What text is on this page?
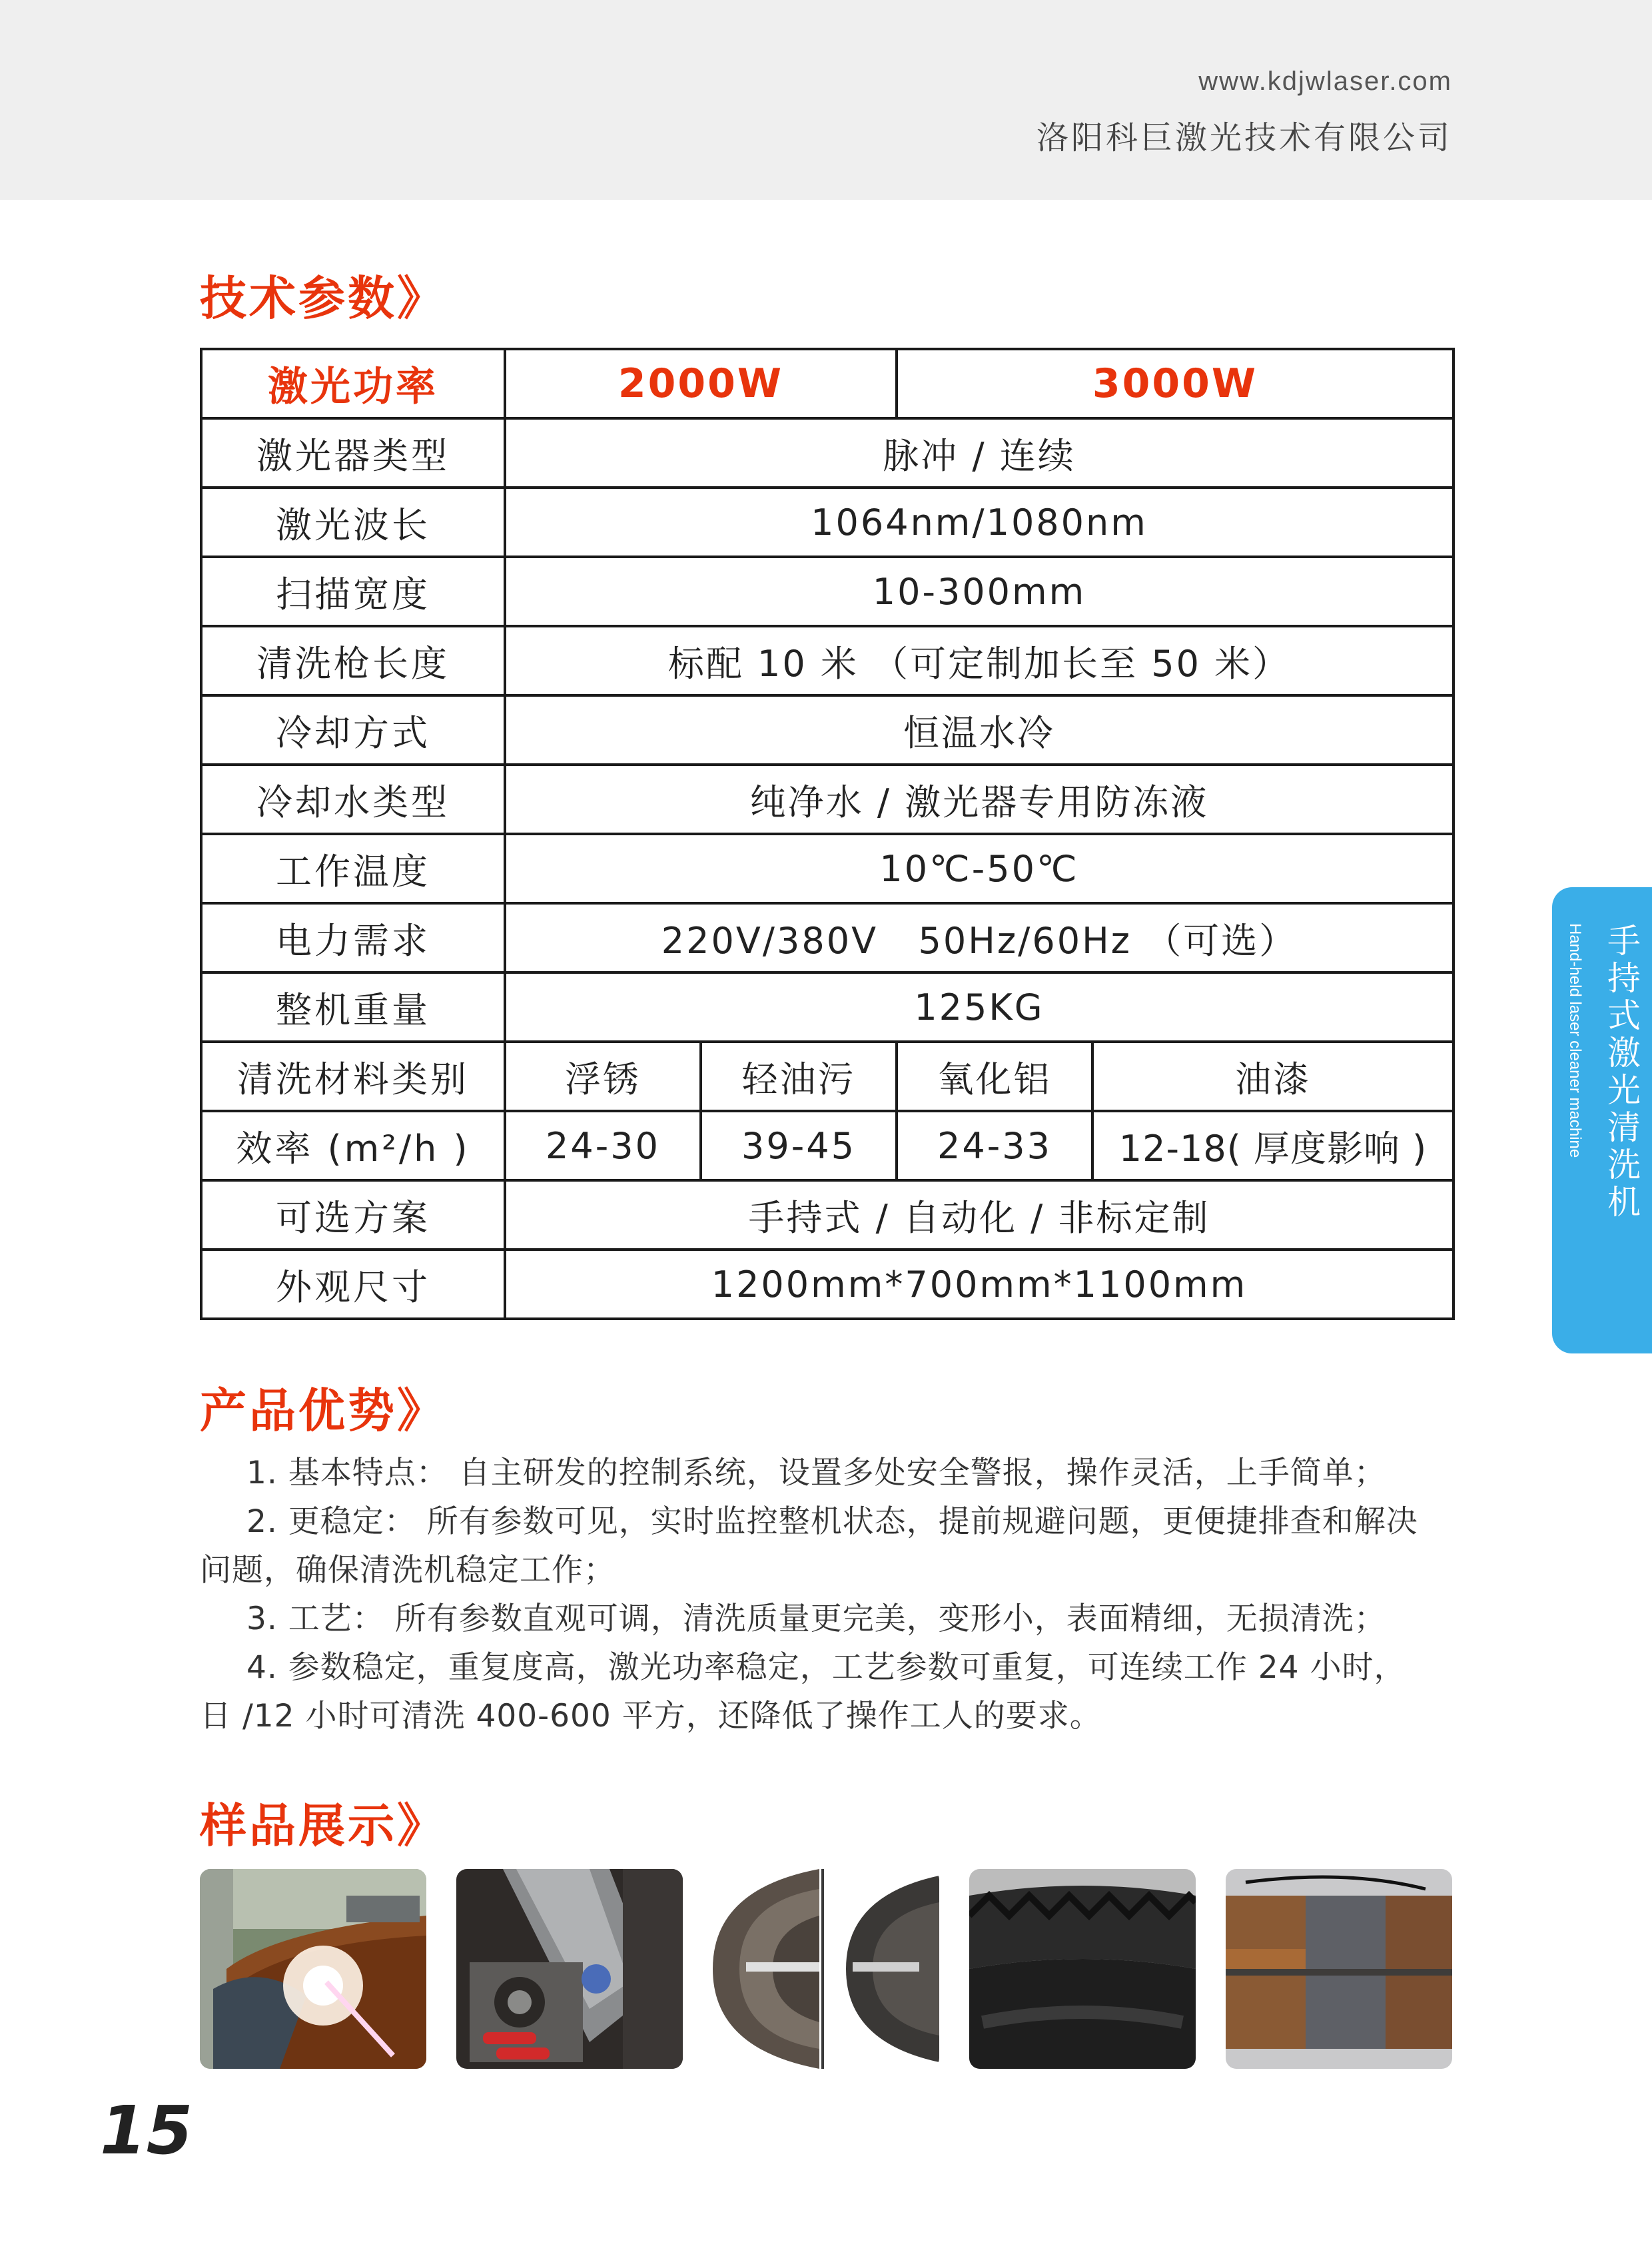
www.kdjwlaser.com
洛阳科巨激光技术有限公司
技术参数》
激光功率	2000W		3000W	
激光器类型	脉冲 / 连续			
激光波长	1064nm/1080nm			
扫描宽度	10-300mm			
清洗枪长度	标配 10 米 （可定制加长至 50 米）			
冷却方式	恒温水冷			
冷却水类型	纯净水 / 激光器专用防冻液			
工作温度	10℃-50℃			
电力需求	220V/380V   50Hz/60Hz （可选）			
整机重量	125KG			
清洗材料类别	浮锈	轻油污	氧化铝	油漆
效率 (m²/h )	24-30	39-45	24-33	12-18( 厚度影响 )
可选方案	手持式 / 自动化 / 非标定制			
外观尺寸	1200mm*700mm*1100mm			
产品优势》

1. 基本特点： 自主研发的控制系统，设置多处安全警报，操作灵活，上手简单；

2. 更稳定： 所有参数可见，实时监控整机状态，提前规避问题，更便捷排查和解决

问题，确保清洗机稳定工作；

3. 工艺： 所有参数直观可调，清洗质量更完美，变形小，表面精细，无损清洗；

4. 参数稳定，重复度高，激光功率稳定，工艺参数可重复，可连续工作 24 小时，

日 /12 小时可清洗 400-600 平方，还降低了操作工人的要求。

样品展示》
手持式激光清洗机
Hand-held laser cleaner machine
15
